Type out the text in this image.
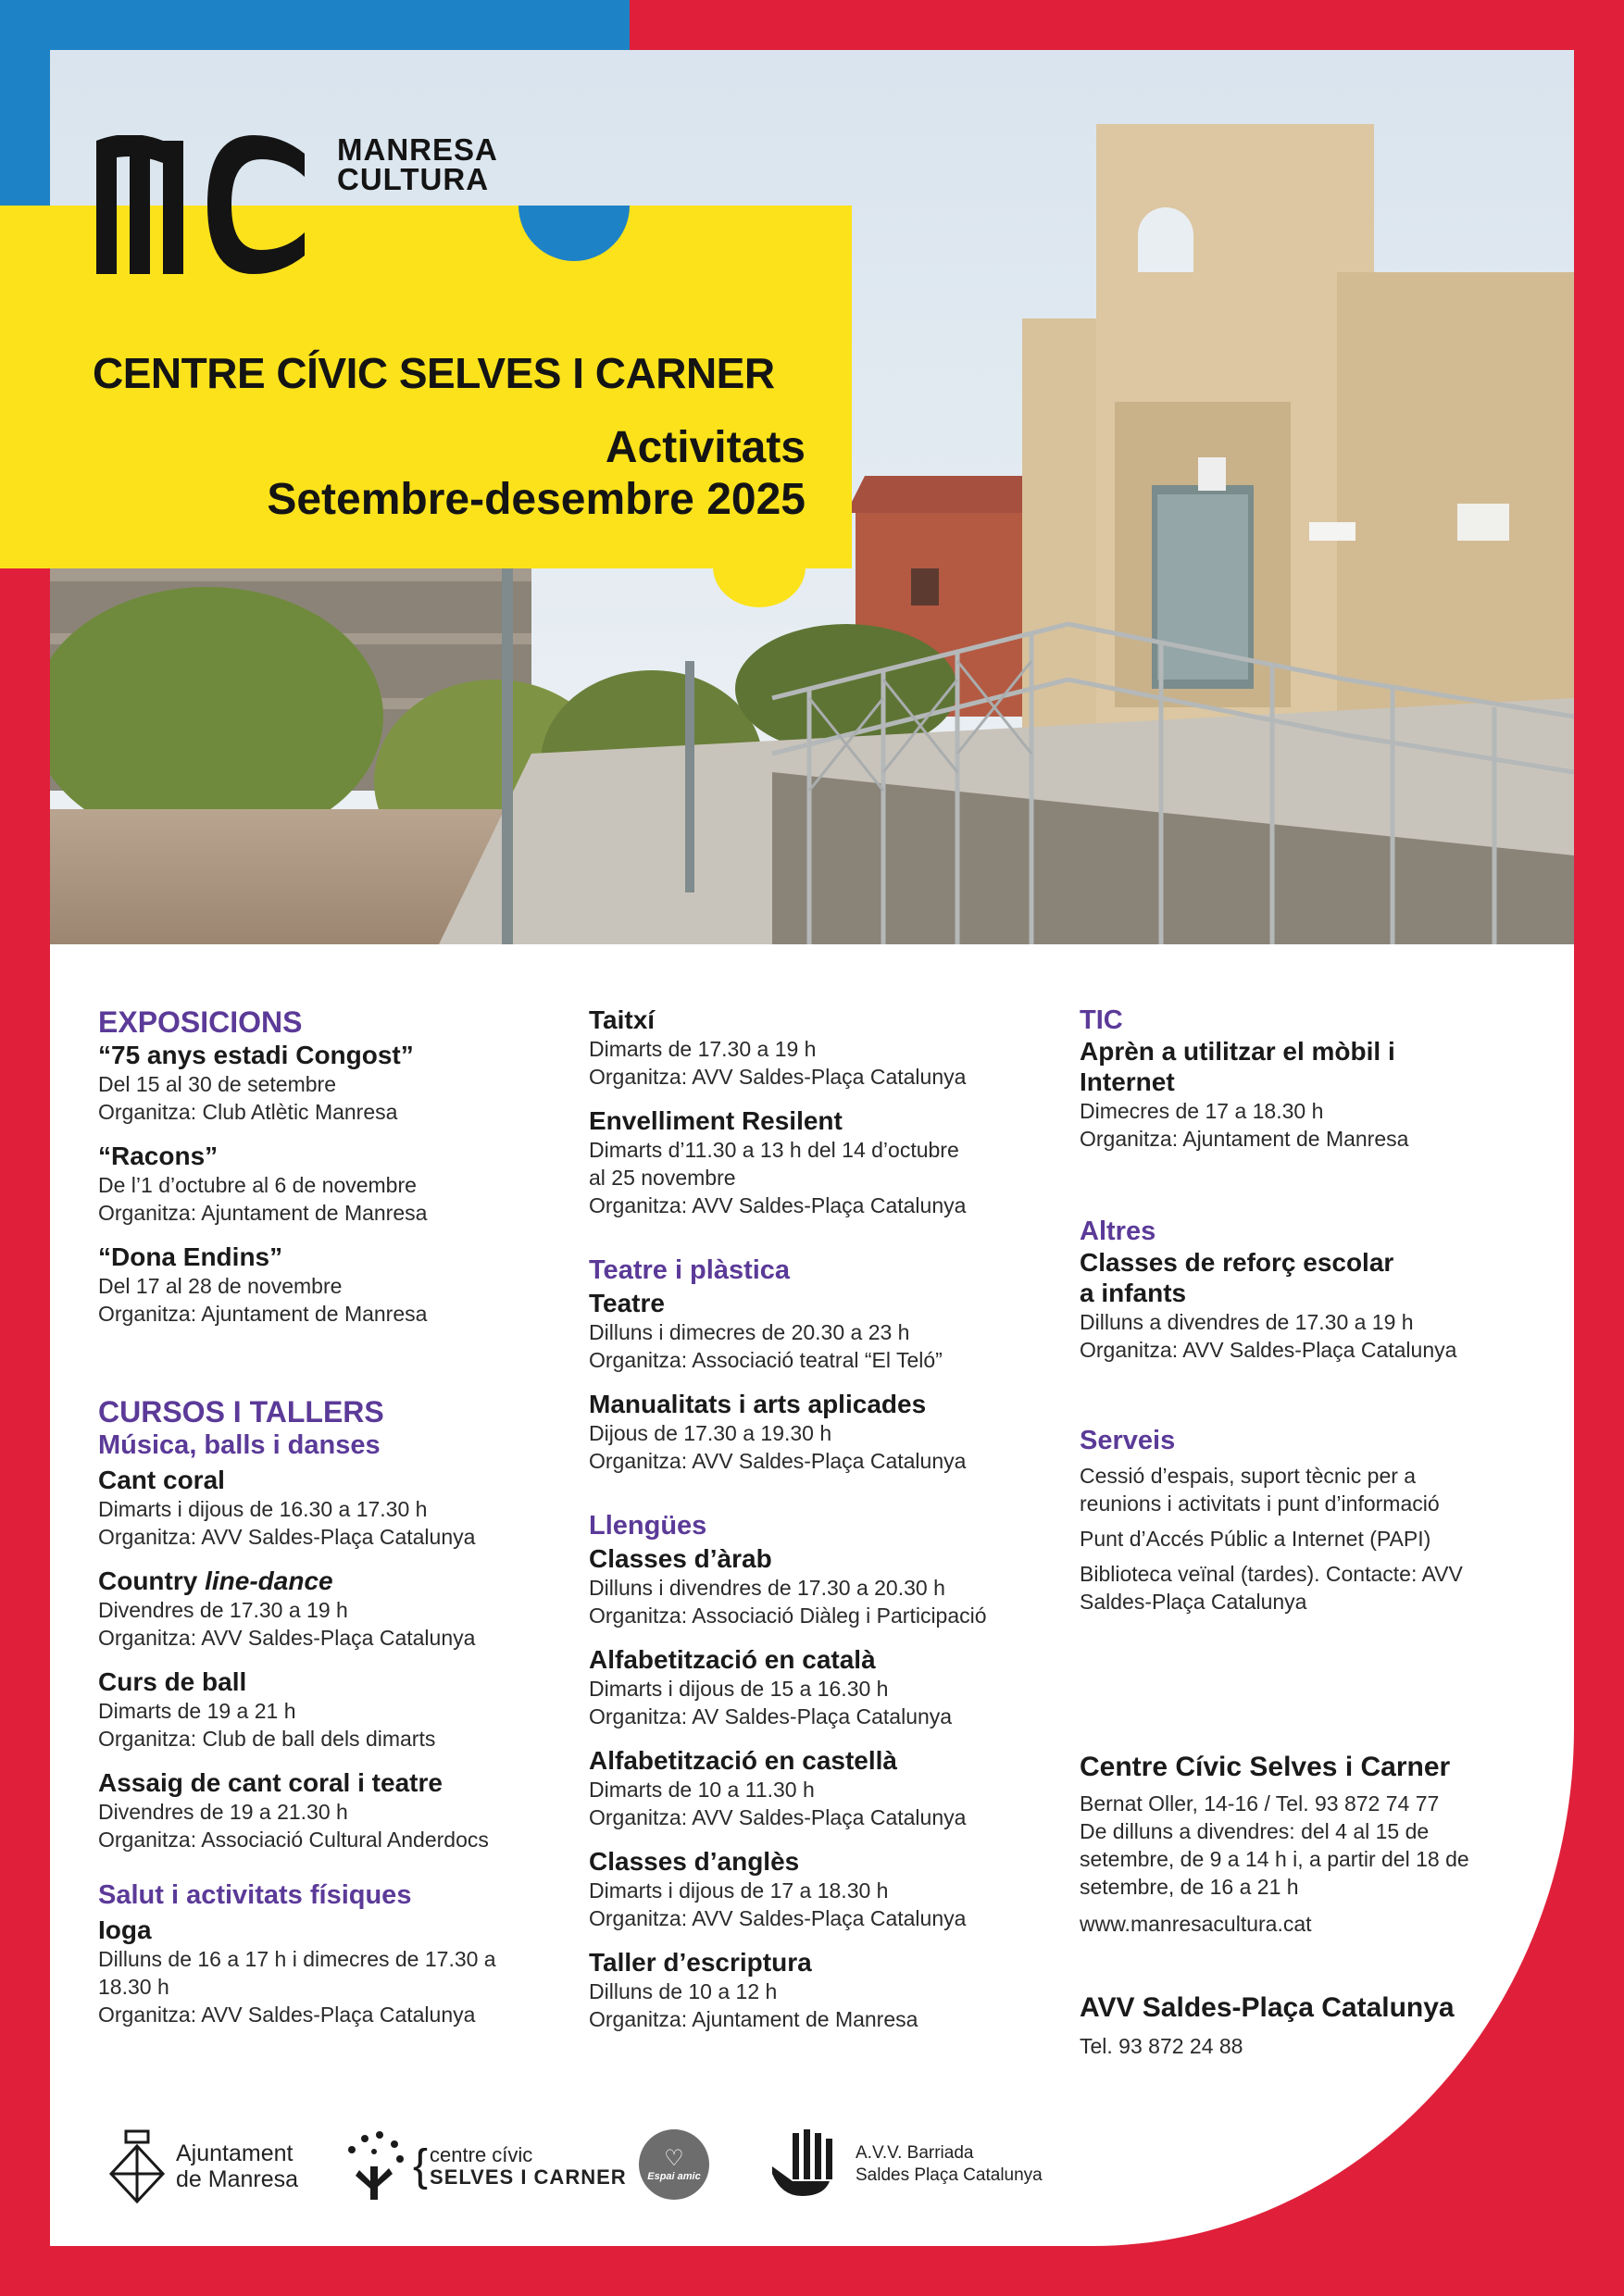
MANRESA
CULTURA
CENTRE CÍVIC SELVES I CARNER
Activitats
Setembre-desembre 2025

EXPOSICIONS

“75 anys estadi Congost”
Del 15 al 30 de setembre
Organitza: Club Atlètic Manresa
“Racons”
De l’1 d’octubre al 6 de novembre
Organitza: Ajuntament de Manresa
“Dona Endins”
Del 17 al 28 de novembre
Organitza: Ajuntament de Manresa

CURSOS I TALLERS

Música, balls i danses

Cant coral
Dimarts i dijous de 16.30 a 17.30 h
Organitza: AVV Saldes-Plaça Catalunya
Country line-dance
Divendres de 17.30 a 19 h
Organitza: AVV Saldes-Plaça Catalunya
Curs de ball
Dimarts de 19 a 21 h
Organitza: Club de ball dels dimarts
Assaig de cant coral i teatre
Divendres de 19 a 21.30 h
Organitza: Associació Cultural Anderdocs

Salut i activitats físiques

Ioga
Dilluns de 16 a 17 h i dimecres de 17.30 a
18.30 h
Organitza: AVV Saldes-Plaça Catalunya
Taitxí
Dimarts de 17.30 a 19 h
Organitza: AVV Saldes-Plaça Catalunya
Envelliment Resilent
Dimarts d’11.30 a 13 h del 14 d’octubre
al 25 novembre
Organitza: AVV Saldes-Plaça Catalunya

Teatre i plàstica

Teatre
Dilluns i dimecres de 20.30 a 23 h
Organitza: Associació teatral “El Teló”
Manualitats i arts aplicades
Dijous de 17.30 a 19.30 h
Organitza: AVV Saldes-Plaça Catalunya

Llengües

Classes d’àrab
Dilluns i divendres de 17.30 a 20.30 h
Organitza: Associació Diàleg i Participació
Alfabetització en català
Dimarts i dijous de 15 a 16.30 h
Organitza: AV Saldes-Plaça Catalunya
Alfabetització en castellà
Dimarts de 10 a 11.30 h
Organitza: AVV Saldes-Plaça Catalunya
Classes d’anglès
Dimarts i dijous de 17 a 18.30 h
Organitza: AVV Saldes-Plaça Catalunya
Taller d’escriptura
Dilluns de 10 a 12 h
Organitza: Ajuntament de Manresa

TIC

Aprèn a utilitzar el mòbil i
Internet
Dimecres de 17 a 18.30 h
Organitza: Ajuntament de Manresa

Altres

Classes de reforç escolar
a infants
Dilluns a divendres de 17.30 a 19 h
Organitza: AVV Saldes-Plaça Catalunya

Serveis

Cessió d’espais, suport tècnic per a
reunions i activitats i punt d’informació
Punt d’Accés Públic a Internet (PAPI)
Biblioteca veïnal (tardes). Contacte: AVV
Saldes-Plaça Catalunya
Centre Cívic Selves i Carner
Bernat Oller, 14-16 / Tel. 93 872 74 77
De dilluns a divendres: del 4 al 15 de
setembre, de 9 a 14 h i, a partir del 18 de
setembre, de 16 a 21 h
www.manresacultura.cat
AVV Saldes-Plaça Catalunya
Tel. 93 872 24 88
Ajuntament
de Manresa	{ centre cívic
SELVES I CARNER
♡
Espai amic
A.V.V. Barriada
Saldes Plaça Catalunya
